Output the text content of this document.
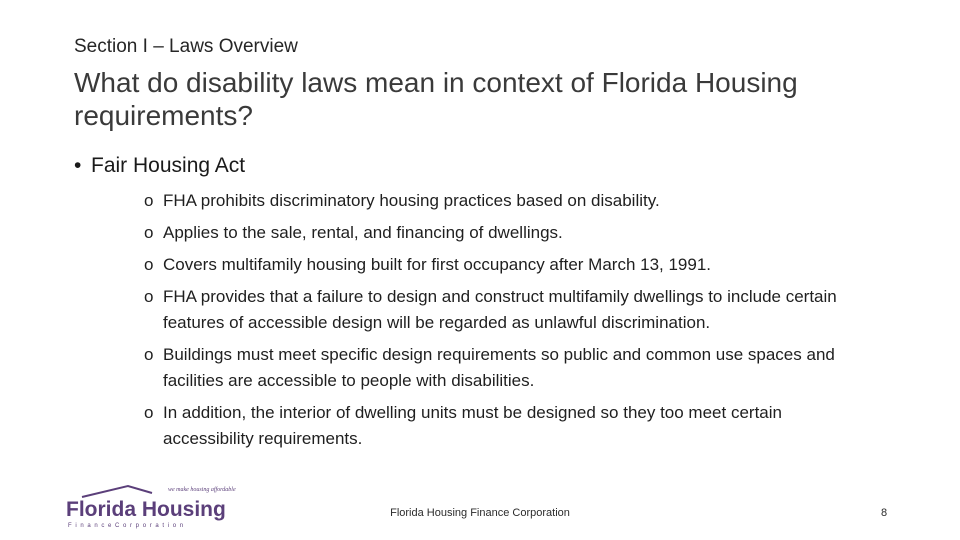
Section I – Laws Overview
What do disability laws mean in context of Florida Housing requirements?
• Fair Housing Act
o FHA prohibits discriminatory housing practices based on disability.
o Applies to the sale, rental, and financing of dwellings.
o Covers multifamily housing built for first occupancy after March 13, 1991.
o FHA provides that a failure to design and construct multifamily dwellings to include certain features of accessible design will be regarded as unlawful discrimination.
o Buildings must meet specific design requirements so public and common use spaces and facilities are accessible to people with disabilities.
o In addition, the interior of dwelling units must be designed so they too meet certain accessibility requirements.
we make housing affordable
Florida Housing
F i n a n c e C o r p o r a t i o n
Florida Housing Finance Corporation	8
